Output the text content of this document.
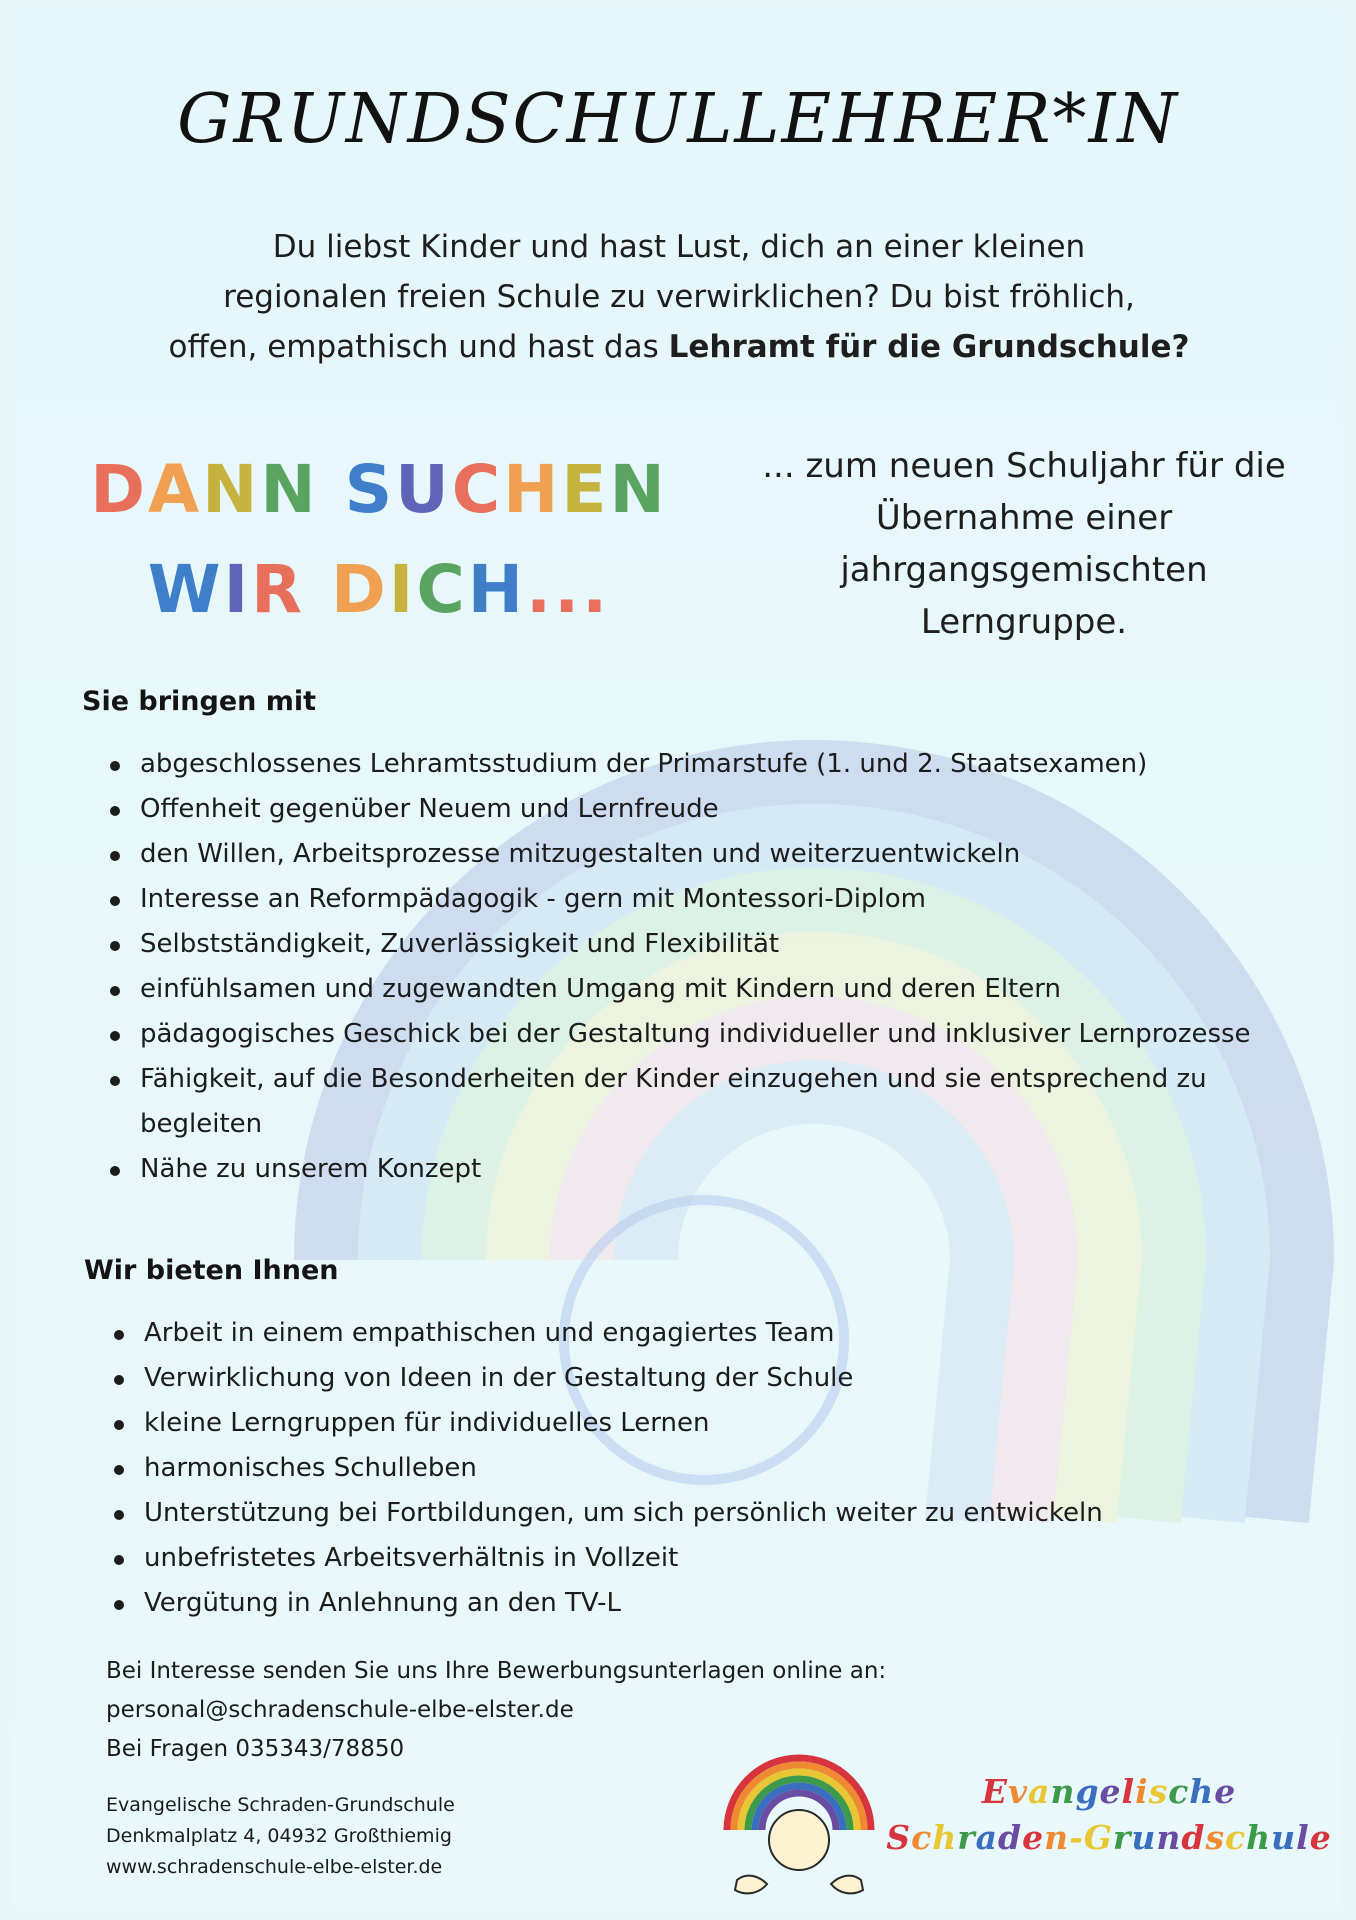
GRUNDSCHULLEHRER*IN
Du liebst Kinder und hast Lust, dich an einer kleinen
regionalen freien Schule zu verwirklichen? Du bist fröhlich,
offen, empathisch und hast das Lehramt für die Grundschule?
DANN SUCHEN
WIR DICH...
... zum neuen Schuljahr für die
Übernahme einer
jahrgangsgemischten
Lerngruppe.
Sie bringen mit
abgeschlossenes Lehramtsstudium der Primarstufe (1. und 2. Staatsexamen)
Offenheit gegenüber Neuem und Lernfreude
den Willen, Arbeitsprozesse mitzugestalten und weiterzuentwickeln
Interesse an Reformpädagogik - gern mit Montessori-Diplom
Selbstständigkeit, Zuverlässigkeit und Flexibilität
einfühlsamen und zugewandten Umgang mit Kindern und deren Eltern
pädagogisches Geschick bei der Gestaltung individueller und inklusiver Lernprozesse
Fähigkeit, auf die Besonderheiten der Kinder einzugehen und sie entsprechend zu begleiten
Nähe zu unserem Konzept
Wir bieten Ihnen
Arbeit in einem empathischen und engagiertes Team
Verwirklichung von Ideen in der Gestaltung der Schule
kleine Lerngruppen für individuelles Lernen
harmonisches Schulleben
Unterstützung bei Fortbildungen, um sich persönlich weiter zu entwickeln
unbefristetes Arbeitsverhältnis in Vollzeit
Vergütung in Anlehnung an den TV-L
Bei Interesse senden Sie uns Ihre Bewerbungsunterlagen online an:
personal@schradenschule-elbe-elster.de
Bei Fragen 035343/78850
Evangelische Schraden-Grundschule
Denkmalplatz 4, 04932 Großthiemig
www.schradenschule-elbe-elster.de
Evangelische
Schraden-Grundschule
